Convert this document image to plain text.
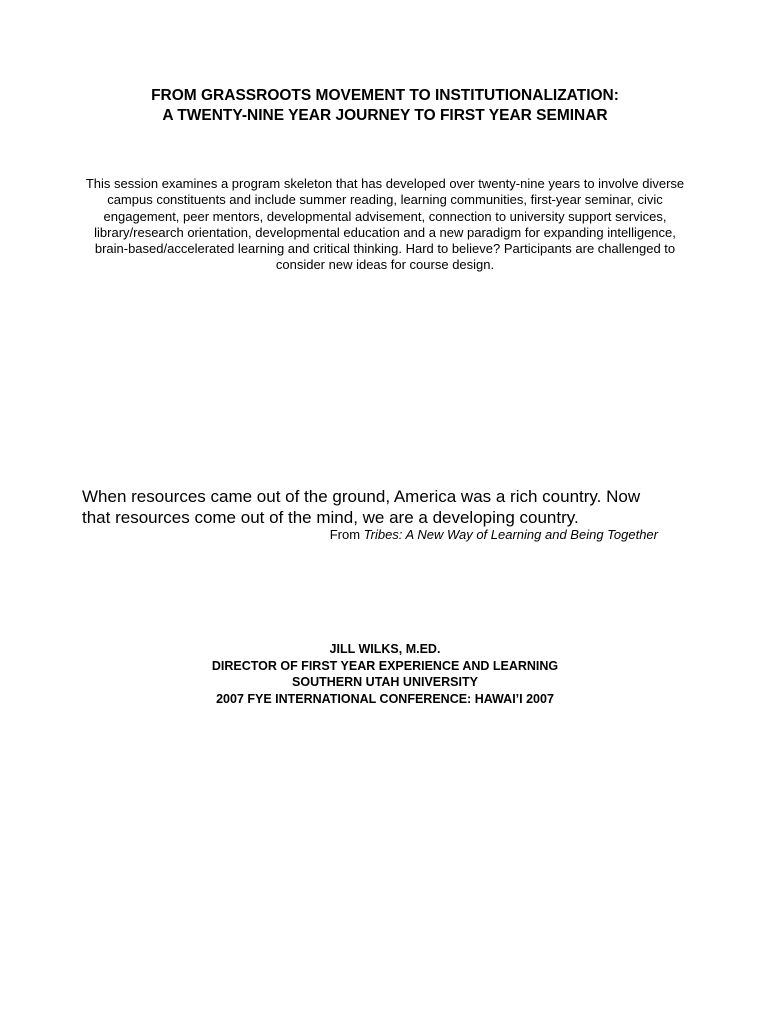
FROM GRASSROOTS MOVEMENT TO INSTITUTIONALIZATION:
A TWENTY-NINE YEAR JOURNEY TO FIRST YEAR SEMINAR

This session examines a program skeleton that has developed over twenty-nine years to involve diverse campus constituents and include summer reading, learning communities, first-year seminar, civic engagement, peer mentors, developmental advisement, connection to university support services, library/research orientation, developmental education and a new paradigm for expanding intelligence, brain-based/accelerated learning and critical thinking. Hard to believe? Participants are challenged to consider new ideas for course design.

When resources came out of the ground, America was a rich country. Now
that resources come out of the mind, we are a developing country.

From Tribes: A New Way of Learning and Being Together

JILL WILKS, M.ED.
DIRECTOR OF FIRST YEAR EXPERIENCE AND LEARNING
SOUTHERN UTAH UNIVERSITY
2007 FYE INTERNATIONAL CONFERENCE: HAWAI’I 2007
